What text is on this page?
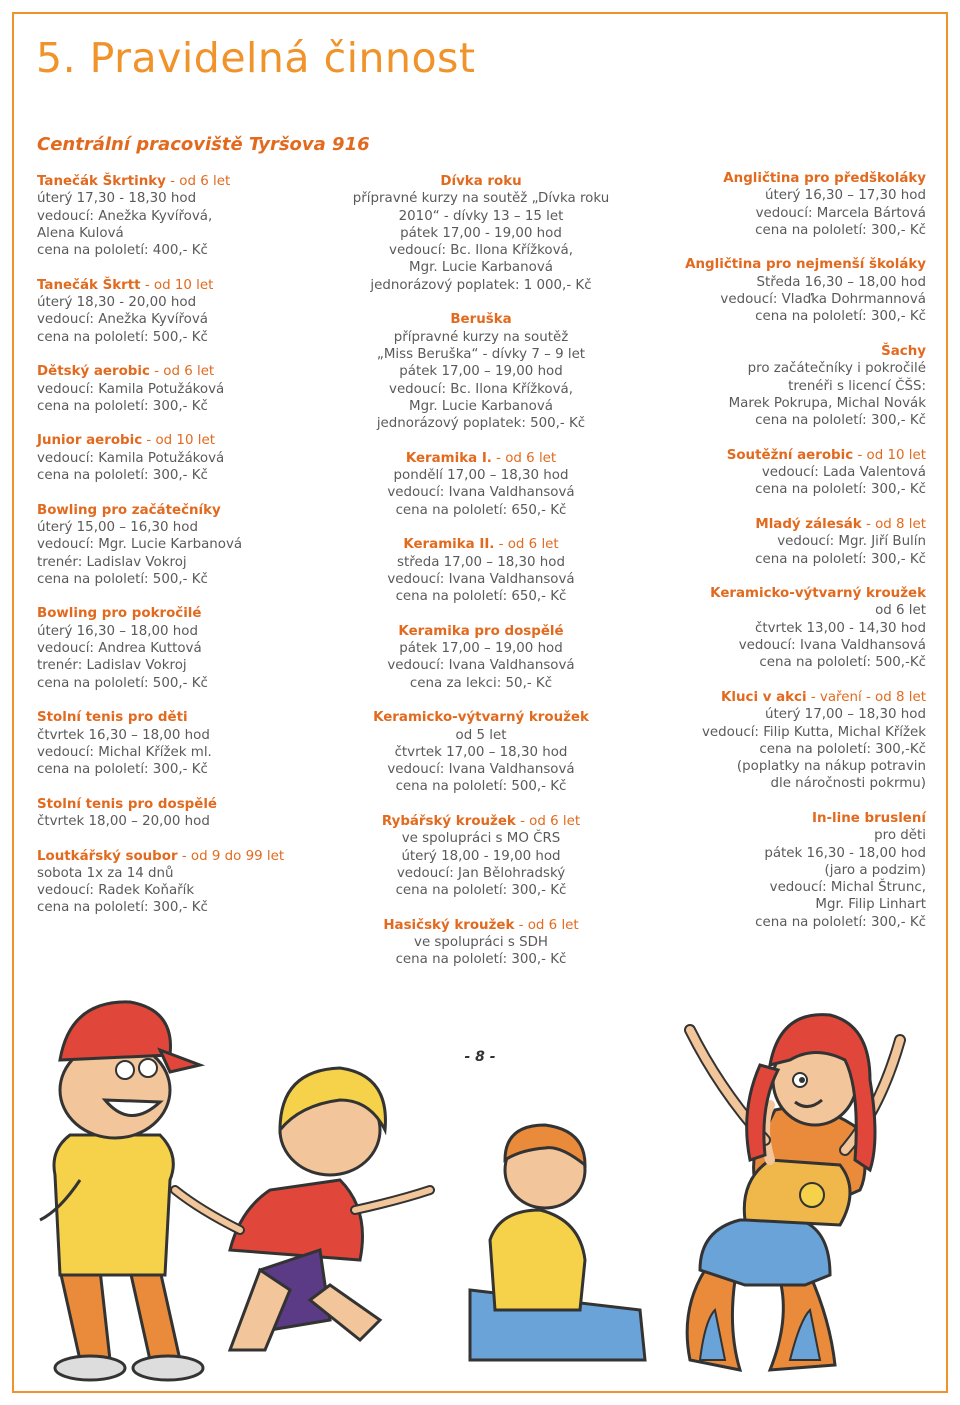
5. Pravidelná činnost
Centrální pracoviště Tyršova 916
Tanečák Škrtinky - od 6 let
úterý 17,30 - 18,30 hod
vedoucí: Anežka Kyvířová,
Alena Kulová
cena na pololetí: 400,- Kč
Tanečák Škrtt - od 10 let
úterý 18,30 - 20,00 hod
vedoucí: Anežka Kyvířová
cena na pololetí: 500,- Kč
Dětský aerobic - od 6 let
vedoucí: Kamila Potužáková
cena na pololetí: 300,- Kč
Junior aerobic - od 10 let
vedoucí: Kamila Potužáková
cena na pololetí: 300,- Kč
Bowling pro začátečníky
úterý 15,00 – 16,30 hod
vedoucí: Mgr. Lucie Karbanová
trenér: Ladislav Vokroj
cena na pololetí: 500,- Kč
Bowling pro pokročilé
úterý 16,30 – 18,00 hod
vedoucí: Andrea Kuttová
trenér: Ladislav Vokroj
cena na pololetí: 500,- Kč
Stolní tenis pro děti
čtvrtek 16,30 – 18,00 hod
vedoucí: Michal Křížek ml.
cena na pololetí: 300,- Kč
Stolní tenis pro dospělé
čtvrtek 18,00 – 20,00 hod
Loutkářský soubor - od 9 do 99 let
sobota 1x za 14 dnů
vedoucí: Radek Koňařík
cena na pololetí: 300,- Kč
Dívka roku
přípravné kurzy na soutěž „Dívka roku
2010“ - dívky 13 – 15 let
pátek 17,00 - 19,00 hod
vedoucí: Bc. Ilona Křížková,
Mgr. Lucie Karbanová
jednorázový poplatek: 1 000,- Kč
Beruška
přípravné kurzy na soutěž
„Miss Beruška“ - dívky 7 – 9 let
pátek 17,00 – 19,00 hod
vedoucí: Bc. Ilona Křížková,
Mgr. Lucie Karbanová
jednorázový poplatek: 500,- Kč
Keramika I. - od 6 let
pondělí 17,00 – 18,30 hod
vedoucí: Ivana Valdhansová
cena na pololetí: 650,- Kč
Keramika II. - od 6 let
středa 17,00 – 18,30 hod
vedoucí: Ivana Valdhansová
cena na pololetí: 650,- Kč
Keramika pro dospělé
pátek 17,00 – 19,00 hod
vedoucí: Ivana Valdhansová
cena za lekci: 50,- Kč
Keramicko-výtvarný kroužek
od 5 let
čtvrtek 17,00 – 18,30 hod
vedoucí: Ivana Valdhansová
cena na pololetí: 500,- Kč
Rybářský kroužek - od 6 let
ve spolupráci s MO ČRS
úterý 18,00 - 19,00 hod
vedoucí: Jan Bělohradský
cena na pololetí: 300,- Kč
Hasičský kroužek - od 6 let
ve spolupráci s SDH
cena na pololetí: 300,- Kč
Angličtina pro předškoláky
úterý 16,30 – 17,30 hod
vedoucí: Marcela Bártová
cena na pololetí: 300,- Kč
Angličtina pro nejmenší školáky
Středa 16,30 – 18,00 hod
vedoucí: Vlaďka Dohrmannová
cena na pololetí: 300,- Kč
Šachy
pro začátečníky i pokročilé
trenéři s licencí ČŠS:
Marek Pokrupa, Michal Novák
cena na pololetí: 300,- Kč
Soutěžní aerobic - od 10 let
vedoucí: Lada Valentová
cena na pololetí: 300,- Kč
Mladý zálesák - od 8 let
vedoucí: Mgr. Jiří Bulín
cena na pololetí: 300,- Kč
Keramicko-výtvarný kroužek
od 6 let
čtvrtek 13,00 - 14,30 hod
vedoucí: Ivana Valdhansová
cena na pololetí: 500,-Kč
Kluci v akci - vaření - od 8 let
úterý 17,00 – 18,30 hod
vedoucí: Filip Kutta, Michal Křížek
cena na pololetí: 300,-Kč
(poplatky na nákup potravin
dle náročnosti pokrmu)
In-line bruslení
pro děti
pátek 16,30 - 18,00 hod
(jaro a podzim)
vedoucí: Michal Štrunc,
Mgr. Filip Linhart
cena na pololetí: 300,- Kč
- 8 -
